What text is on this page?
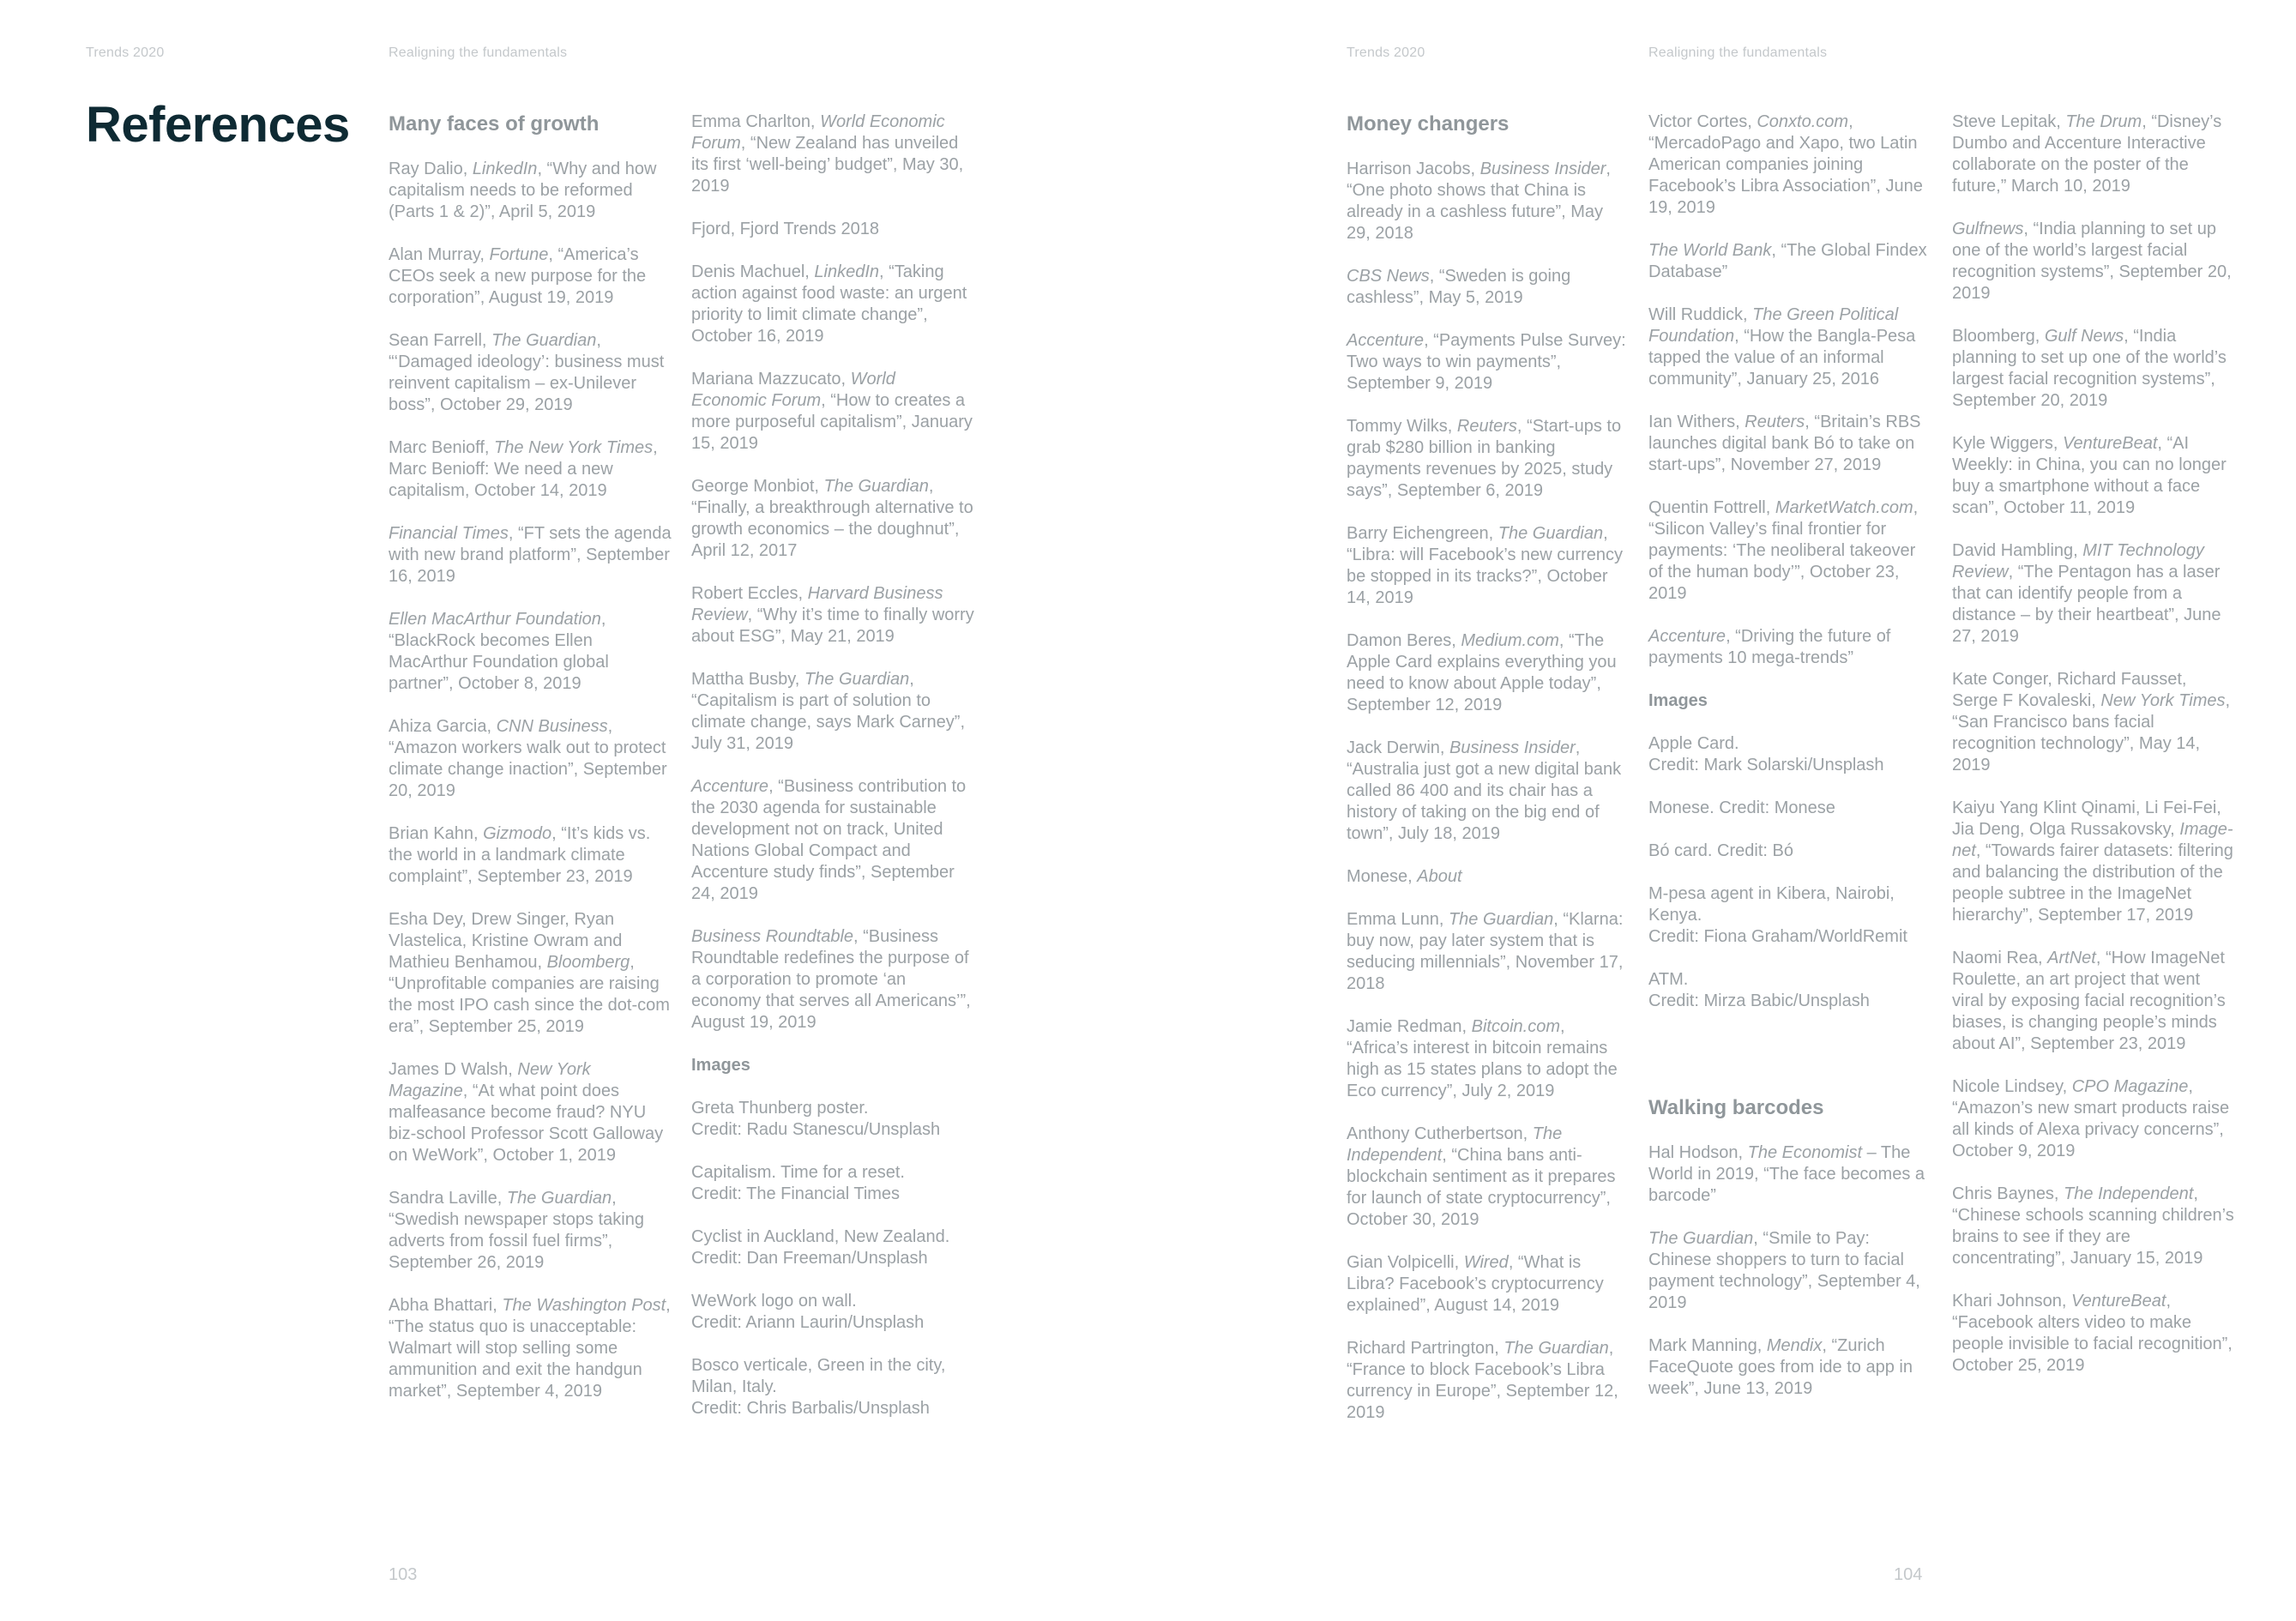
Trends 2020	Realigning the fundamentals	Trends 2020	Realigning the fundamentals
References Many faces of growth
Ray Dalio, LinkedIn, “Why and how capitalism needs to be reformed (Parts 1 & 2)”, April 5, 2019
Alan Murray, Fortune, “America’s CEOs seek a new purpose for the corporation”, August 19, 2019
Sean Farrell, The Guardian, “‘Damaged ideology’: business must reinvent capitalism – ex-Unilever boss”, October 29, 2019
Marc Benioff, The New York Times, Marc Benioff: We need a new capitalism, October 14, 2019
Financial Times, “FT sets the agenda with new brand platform”, September 16, 2019
Ellen MacArthur Foundation, “BlackRock becomes Ellen MacArthur Foundation global partner”, October 8, 2019
Ahiza Garcia, CNN Business, “Amazon workers walk out to protect climate change inaction”, September 20, 2019
Brian Kahn, Gizmodo, “It’s kids vs. the world in a landmark climate complaint”, September 23, 2019
Esha Dey, Drew Singer, Ryan Vlastelica, Kristine Owram and Mathieu Benhamou, Bloomberg, “Unprofitable companies are raising the most IPO cash since the dot-com era”, September 25, 2019
James D Walsh, New York Magazine, “At what point does malfeasance become fraud? NYU biz-school Professor Scott Galloway on WeWork”, October 1, 2019
Sandra Laville, The Guardian, “Swedish newspaper stops taking adverts from fossil fuel firms”, September 26, 2019
Abha Bhattari, The Washington Post, “The status quo is unacceptable: Walmart will stop selling some ammunition and exit the handgun market”, September 4, 2019
Emma Charlton, World Economic Forum, “New Zealand has unveiled its first ‘well-being’ budget”, May 30, 2019
Fjord, Fjord Trends 2018
Denis Machuel, LinkedIn, “Taking action against food waste: an urgent priority to limit climate change”, October 16, 2019
Mariana Mazzucato, World Economic Forum, “How to creates a more purposeful capitalism”, January 15, 2019
George Monbiot, The Guardian, “Finally, a breakthrough alternative to growth economics – the doughnut”, April 12, 2017
Robert Eccles, Harvard Business Review, “Why it’s time to finally worry about ESG”, May 21, 2019
Mattha Busby, The Guardian, “Capitalism is part of solution to climate change, says Mark Carney”, July 31, 2019
Accenture, “Business contribution to the 2030 agenda for sustainable development not on track, United Nations Global Compact and Accenture study finds”, September 24, 2019
Business Roundtable, “Business Roundtable redefines the purpose of a corporation to promote ‘an economy that serves all Americans’”, August 19, 2019
Images
Greta Thunberg poster.
Credit: Radu Stanescu/Unsplash
Capitalism. Time for a reset.
Credit: The Financial Times
Cyclist in Auckland, New Zealand.
Credit: Dan Freeman/Unsplash
WeWork logo on wall.
Credit: Ariann Laurin/Unsplash
Bosco verticale, Green in the city, Milan, Italy.
Credit: Chris Barbalis/Unsplash
Money changers
Harrison Jacobs, Business Insider, “One photo shows that China is already in a cashless future”, May 29, 2018
CBS News, “Sweden is going cashless”, May 5, 2019
Accenture, “Payments Pulse Survey: Two ways to win payments”, September 9, 2019
Tommy Wilks, Reuters, “Start-ups to grab $280 billion in banking payments revenues by 2025, study says”, September 6, 2019
Barry Eichengreen, The Guardian, “Libra: will Facebook’s new currency be stopped in its tracks?”, October 14, 2019
Damon Beres, Medium.com, “The Apple Card explains everything you need to know about Apple today”, September 12, 2019
Jack Derwin, Business Insider, “Australia just got a new digital bank called 86 400 and its chair has a history of taking on the big end of town”, July 18, 2019
Monese, About
Emma Lunn, The Guardian, “Klarna: buy now, pay later system that is seducing millennials”, November 17, 2018
Jamie Redman, Bitcoin.com, “Africa’s interest in bitcoin remains high as 15 states plans to adopt the Eco currency”, July 2, 2019
Anthony Cutherbertson, The Independent, “China bans anti-blockchain sentiment as it prepares for launch of state cryptocurrency”, October 30, 2019
Gian Volpicelli, Wired, “What is Libra? Facebook’s cryptocurrency explained”, August 14, 2019
Richard Partrington, The Guardian, “France to block Facebook’s Libra currency in Europe”, September 12, 2019
Victor Cortes, Conxto.com, “MercadoPago and Xapo, two Latin American companies joining Facebook’s Libra Association”, June 19, 2019
The World Bank, “The Global Findex Database”
Will Ruddick, The Green Political Foundation, “How the Bangla-Pesa tapped the value of an informal community”, January 25, 2016
Ian Withers, Reuters, “Britain’s RBS launches digital bank Bó to take on start-ups”, November 27, 2019
Quentin Fottrell, MarketWatch.com, “Silicon Valley’s final frontier for payments: ‘The neoliberal takeover of the human body’”, October 23, 2019
Accenture, “Driving the future of payments 10 mega-trends”
Images
Apple Card.
Credit: Mark Solarski/Unsplash
Monese. Credit: Monese
Bó card. Credit: Bó
M-pesa agent in Kibera, Nairobi, Kenya.
Credit: Fiona Graham/WorldRemit
ATM.
Credit: Mirza Babic/Unsplash
Walking barcodes
Hal Hodson, The Economist – The World in 2019, “The face becomes a barcode”
The Guardian, “Smile to Pay: Chinese shoppers to turn to facial payment technology”, September 4, 2019
Mark Manning, Mendix, “Zurich FaceQuote goes from ide to app in week”, June 13, 2019
Steve Lepitak, The Drum, “Disney’s Dumbo and Accenture Interactive collaborate on the poster of the future,” March 10, 2019
Gulfnews, “India planning to set up one of the world’s largest facial recognition systems”, September 20, 2019
Bloomberg, Gulf News, “India planning to set up one of the world’s largest facial recognition systems”, September 20, 2019
Kyle Wiggers, VentureBeat, “AI Weekly: in China, you can no longer buy a smartphone without a face scan”, October 11, 2019
David Hambling, MIT Technology Review, “The Pentagon has a laser that can identify people from a distance – by their heartbeat”, June 27, 2019
Kate Conger, Richard Fausset, Serge F Kovaleski, New York Times, “San Francisco bans facial recognition technology”, May 14, 2019
Kaiyu Yang Klint Qinami, Li Fei-Fei, Jia Deng, Olga Russakovsky, Image-net, “Towards fairer datasets: filtering and balancing the distribution of the people subtree in the ImageNet hierarchy”, September 17, 2019
Naomi Rea, ArtNet, “How ImageNet Roulette, an art project that went viral by exposing facial recognition’s biases, is changing people’s minds about AI”, September 23, 2019
Nicole Lindsey, CPO Magazine, “Amazon’s new smart products raise all kinds of Alexa privacy concerns”, October 9, 2019
Chris Baynes, The Independent, “Chinese schools scanning children’s brains to see if they are concentrating”, January 15, 2019
Khari Johnson, VentureBeat, “Facebook alters video to make people invisible to facial recognition”, October 25, 2019
103	104
